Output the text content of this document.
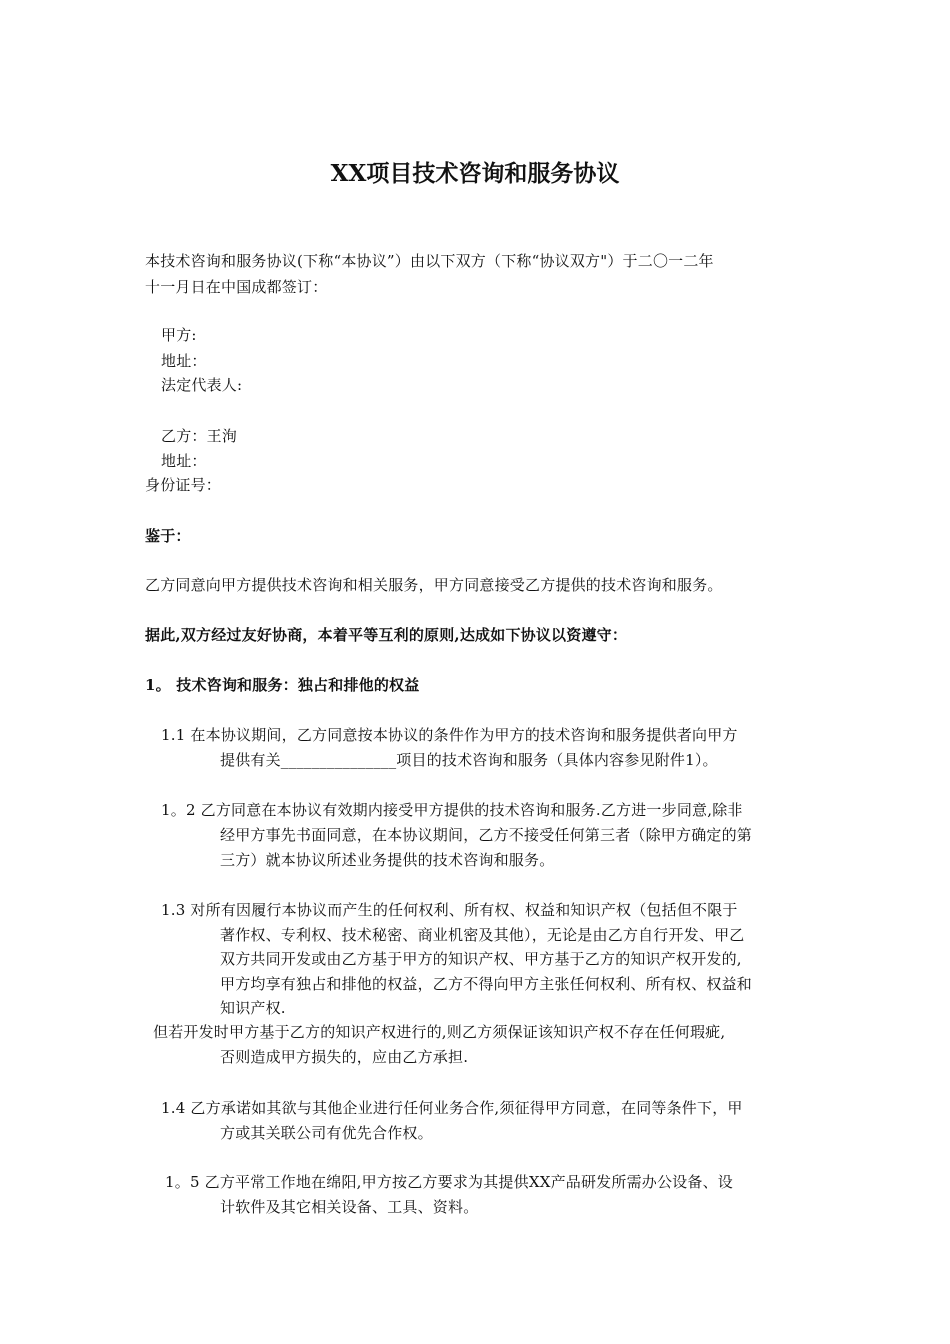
XX项目技术咨询和服务协议
本技术咨询和服务协议(下称“本协议”）由以下双方（下称“协议双方"）于二〇一二年
十一月日在中国成都签订：
甲方:
地址：
法定代表人:
乙方：王洵
地址：
身份证号：
鉴于：
乙方同意向甲方提供技术咨询和相关服务，甲方同意接受乙方提供的技术咨询和服务。
据此,双方经过友好协商，本着平等互利的原则,达成如下协议以资遵守：
1。 技术咨询和服务：独占和排他的权益
1.1 在本协议期间，乙方同意按本协议的条件作为甲方的技术咨询和服务提供者向甲方
提供有关_______________项目的技术咨询和服务（具体内容参见附件1）。
1。2 乙方同意在本协议有效期内接受甲方提供的技术咨询和服务.乙方进一步同意,除非
经甲方事先书面同意，在本协议期间，乙方不接受任何第三者（除甲方确定的第
三方）就本协议所述业务提供的技术咨询和服务。
1.3 对所有因履行本协议而产生的任何权利、所有权、权益和知识产权（包括但不限于
著作权、专利权、技术秘密、商业机密及其他），无论是由乙方自行开发、甲乙
双方共同开发或由乙方基于甲方的知识产权、甲方基于乙方的知识产权开发的,
甲方均享有独占和排他的权益，乙方不得向甲方主张任何权利、所有权、权益和
知识产权.
但若开发时甲方基于乙方的知识产权进行的,则乙方须保证该知识产权不存在任何瑕疵,
否则造成甲方损失的，应由乙方承担.
1.4 乙方承诺如其欲与其他企业进行任何业务合作,须征得甲方同意，在同等条件下，甲
方或其关联公司有优先合作权。
1。5 乙方平常工作地在绵阳,甲方按乙方要求为其提供XX产品研发所需办公设备、设
计软件及其它相关设备、工具、资料。
